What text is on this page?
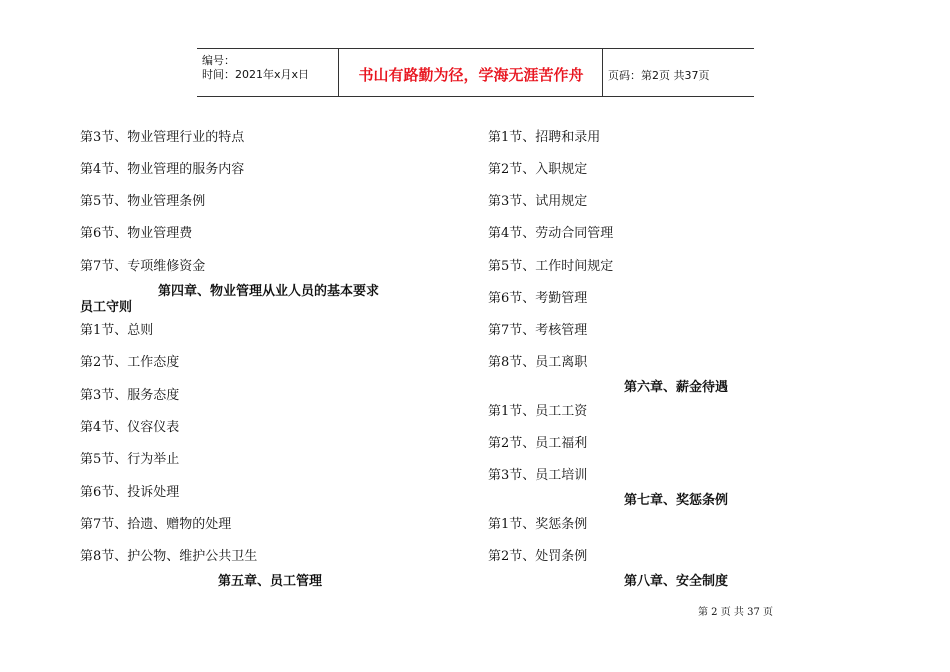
编号：
时间：2021年x月x日	书山有路勤为径，学海无涯苦作舟	页码：第2页 共37页
第3节、物业管理行业的特点
第4节、物业管理的服务内容
第5节、物业管理条例
第6节、物业管理费
第7节、专项维修资金
第四章、物业管理从业人员的基本要求
员工守则
第1节、总则
第2节、工作态度
第3节、服务态度
第4节、仪容仪表
第5节、行为举止
第6节、投诉处理
第7节、拾遗、赠物的处理
第8节、护公物、维护公共卫生
第五章、员工管理
第1节、招聘和录用
第2节、入职规定
第3节、试用规定
第4节、劳动合同管理
第5节、工作时间规定
第6节、考勤管理
第7节、考核管理
第8节、员工离职
第六章、薪金待遇
第1节、员工工资
第2节、员工福利
第3节、员工培训
第七章、奖惩条例
第1节、奖惩条例
第2节、处罚条例
第八章、安全制度
第 2 页 共 37 页
